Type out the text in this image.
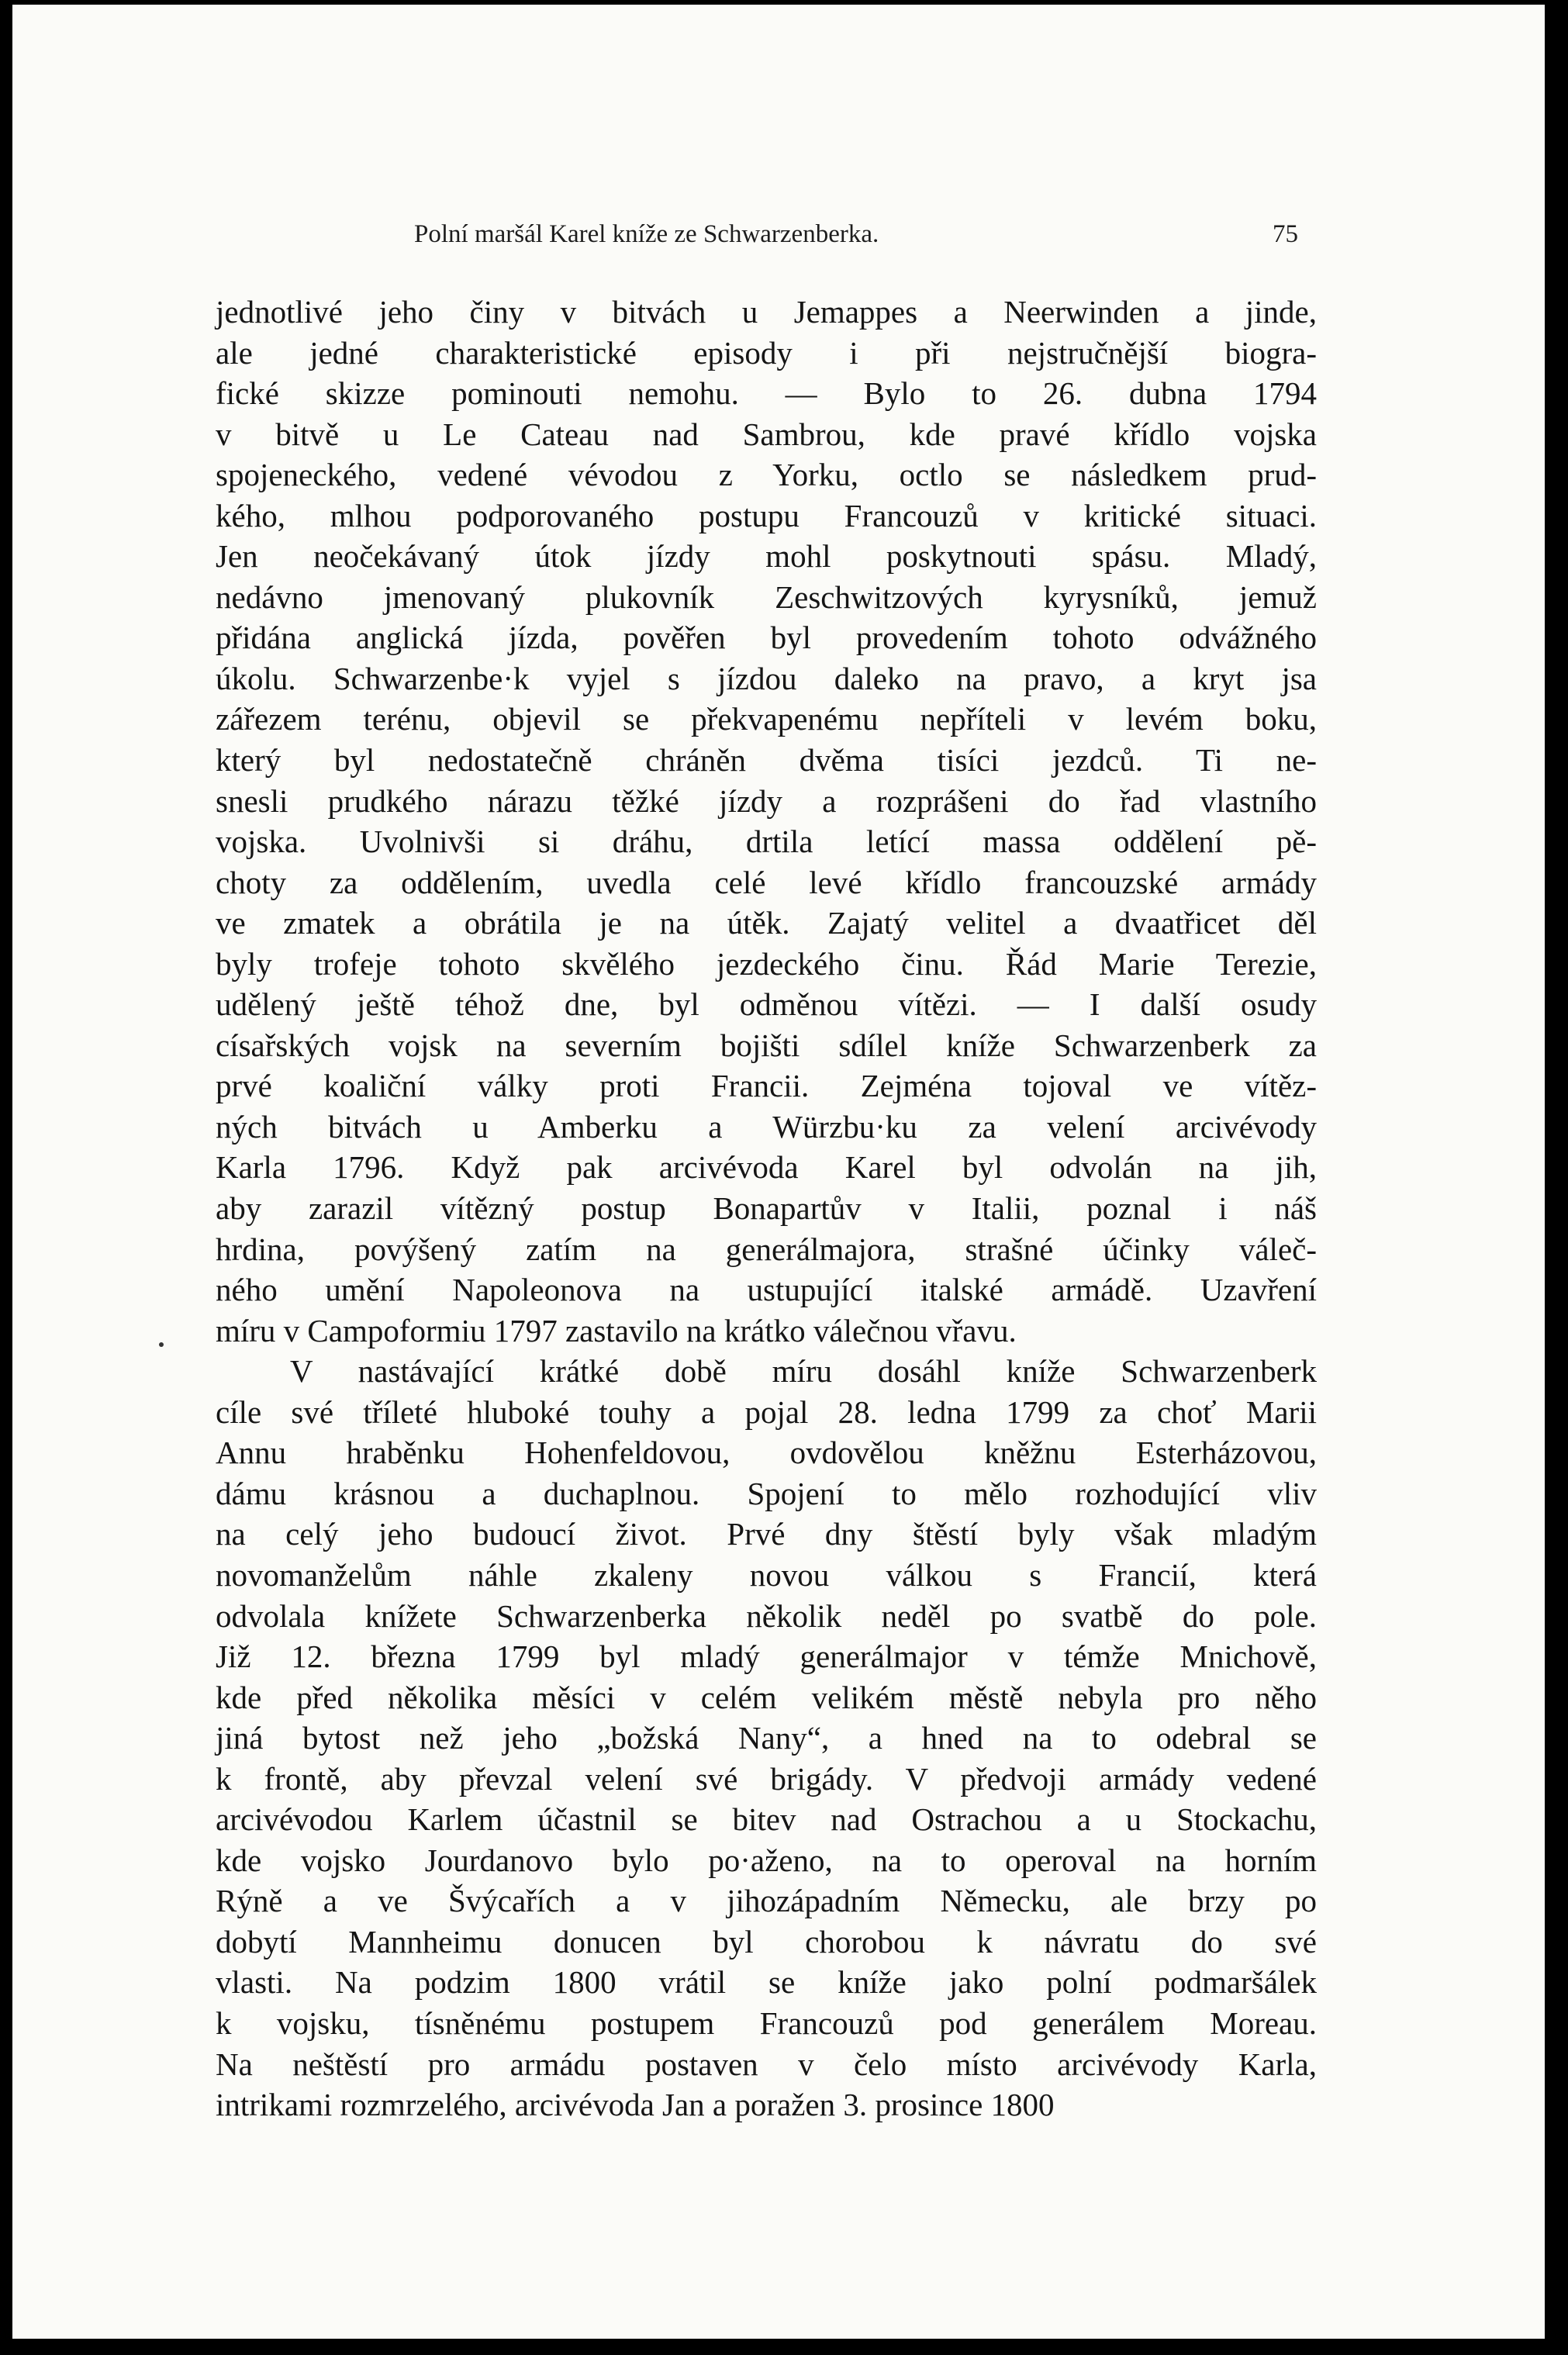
Polní maršál Karel kníže ze Schwarzenberka.	75
jednotlivé jeho činy v bitvách u Jemappes a Neerwinden a jinde,
ale jedné charakteristické episody i při nejstručnější biogra-
fické skizze pominouti nemohu. — Bylo to 26. dubna 1794
v bitvě u Le Cateau nad Sambrou, kde pravé křídlo vojska
spojeneckého, vedené vévodou z Yorku, octlo se následkem prud-
kého, mlhou podporovaného postupu Francouzů v kritické situaci.
Jen neočekávaný útok jízdy mohl poskytnouti spásu. Mladý,
nedávno jmenovaný plukovník Zeschwitzových kyrysníků, jemuž
přidána anglická jízda, pověřen byl provedením tohoto odvážného
úkolu. Schwarzenbe·k vyjel s jízdou daleko na pravo, a kryt jsa
zářezem terénu, objevil se překvapenému nepříteli v levém boku,
který byl nedostatečně chráněn dvěma tisíci jezdců. Ti ne-
snesli prudkého nárazu těžké jízdy a rozprášeni do řad vlastního
vojska. Uvolnivši si dráhu, drtila letící massa oddělení pě-
choty za oddělením, uvedla celé levé křídlo francouzské armády
ve zmatek a obrátila je na útěk. Zajatý velitel a dvaatřicet děl
byly trofeje tohoto skvělého jezdeckého činu. Řád Marie Terezie,
udělený ještě téhož dne, byl odměnou vítězi. — I další osudy
císařských vojsk na severním bojišti sdílel kníže Schwarzenberk za
prvé koaliční války proti Francii. Zejména tojoval ve vítěz-
ných bitvách u Amberku a Würzbu·ku za velení arcivévody
Karla 1796. Když pak arcivévoda Karel byl odvolán na jih,
aby zarazil vítězný postup Bonapartův v Italii, poznal i náš
hrdina, povýšený zatím na generálmajora, strašné účinky váleč-
ného umění Napoleonova na ustupující italské armádě. Uzavření
míru v Campoformiu 1797 zastavilo na krátko válečnou vřavu.
V nastávající krátké době míru dosáhl kníže Schwarzenberk
cíle své tříleté hluboké touhy a pojal 28. ledna 1799 za choť Marii
Annu hraběnku Hohenfeldovou, ovdovělou kněžnu Esterházovou,
dámu krásnou a duchaplnou. Spojení to mělo rozhodující vliv
na celý jeho budoucí život. Prvé dny štěstí byly však mladým
novomanželům náhle zkaleny novou válkou s Francií, která
odvolala knížete Schwarzenberka několik neděl po svatbě do pole.
Již 12. března 1799 byl mladý generálmajor v témže Mnichově,
kde před několika měsíci v celém velikém městě nebyla pro něho
jiná bytost než jeho „božská Nany“, a hned na to odebral se
k frontě, aby převzal velení své brigády. V předvoji armády vedené
arcivévodou Karlem účastnil se bitev nad Ostrachou a u Stockachu,
kde vojsko Jourdanovo bylo po·aženo, na to operoval na horním
Rýně a ve Švýcařích a v jihozápadním Německu, ale brzy po
dobytí Mannheimu donucen byl chorobou k návratu do své
vlasti. Na podzim 1800 vrátil se kníže jako polní podmaršálek
k vojsku, tísněnému postupem Francouzů pod generálem Moreau.
Na neštěstí pro armádu postaven v čelo místo arcivévody Karla,
intrikami rozmrzelého, arcivévoda Jan a poražen 3. prosince 1800
